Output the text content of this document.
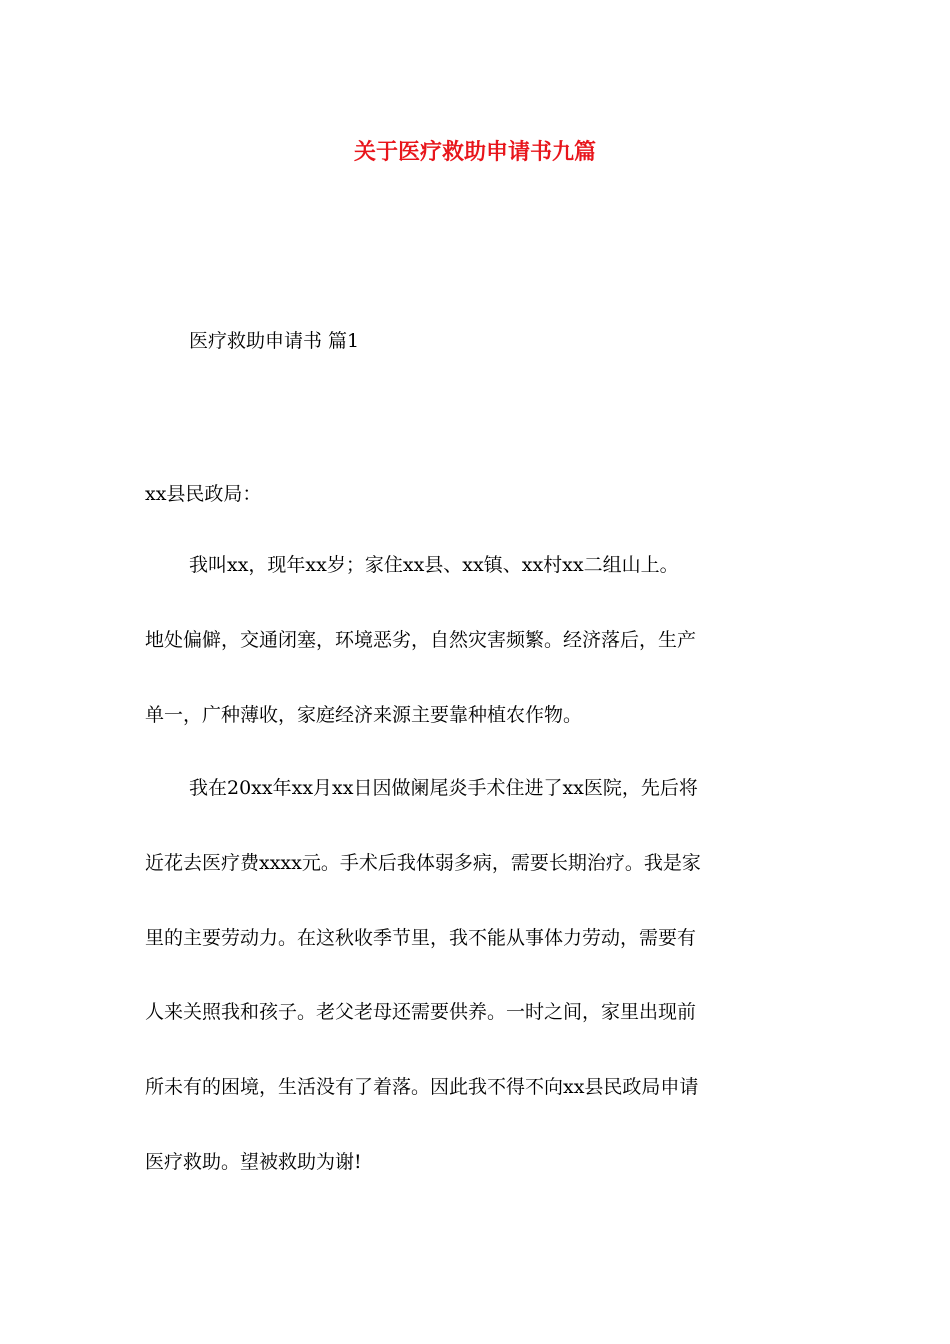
关于医疗救助申请书九篇

医疗救助申请书 篇1

xx县民政局：

我叫xx，现年xx岁；家住xx县、xx镇、xx村xx二组山上。

地处偏僻，交通闭塞，环境恶劣，自然灾害频繁。经济落后，生产

单一，广种薄收，家庭经济来源主要靠种植农作物。

我在20xx年xx月xx日因做阑尾炎手术住进了xx医院，先后将

近花去医疗费xxxx元。手术后我体弱多病，需要长期治疗。我是家

里的主要劳动力。在这秋收季节里，我不能从事体力劳动，需要有

人来关照我和孩子。老父老母还需要供养。一时之间，家里出现前

所未有的困境，生活没有了着落。因此我不得不向xx县民政局申请

医疗救助。望被救助为谢!
